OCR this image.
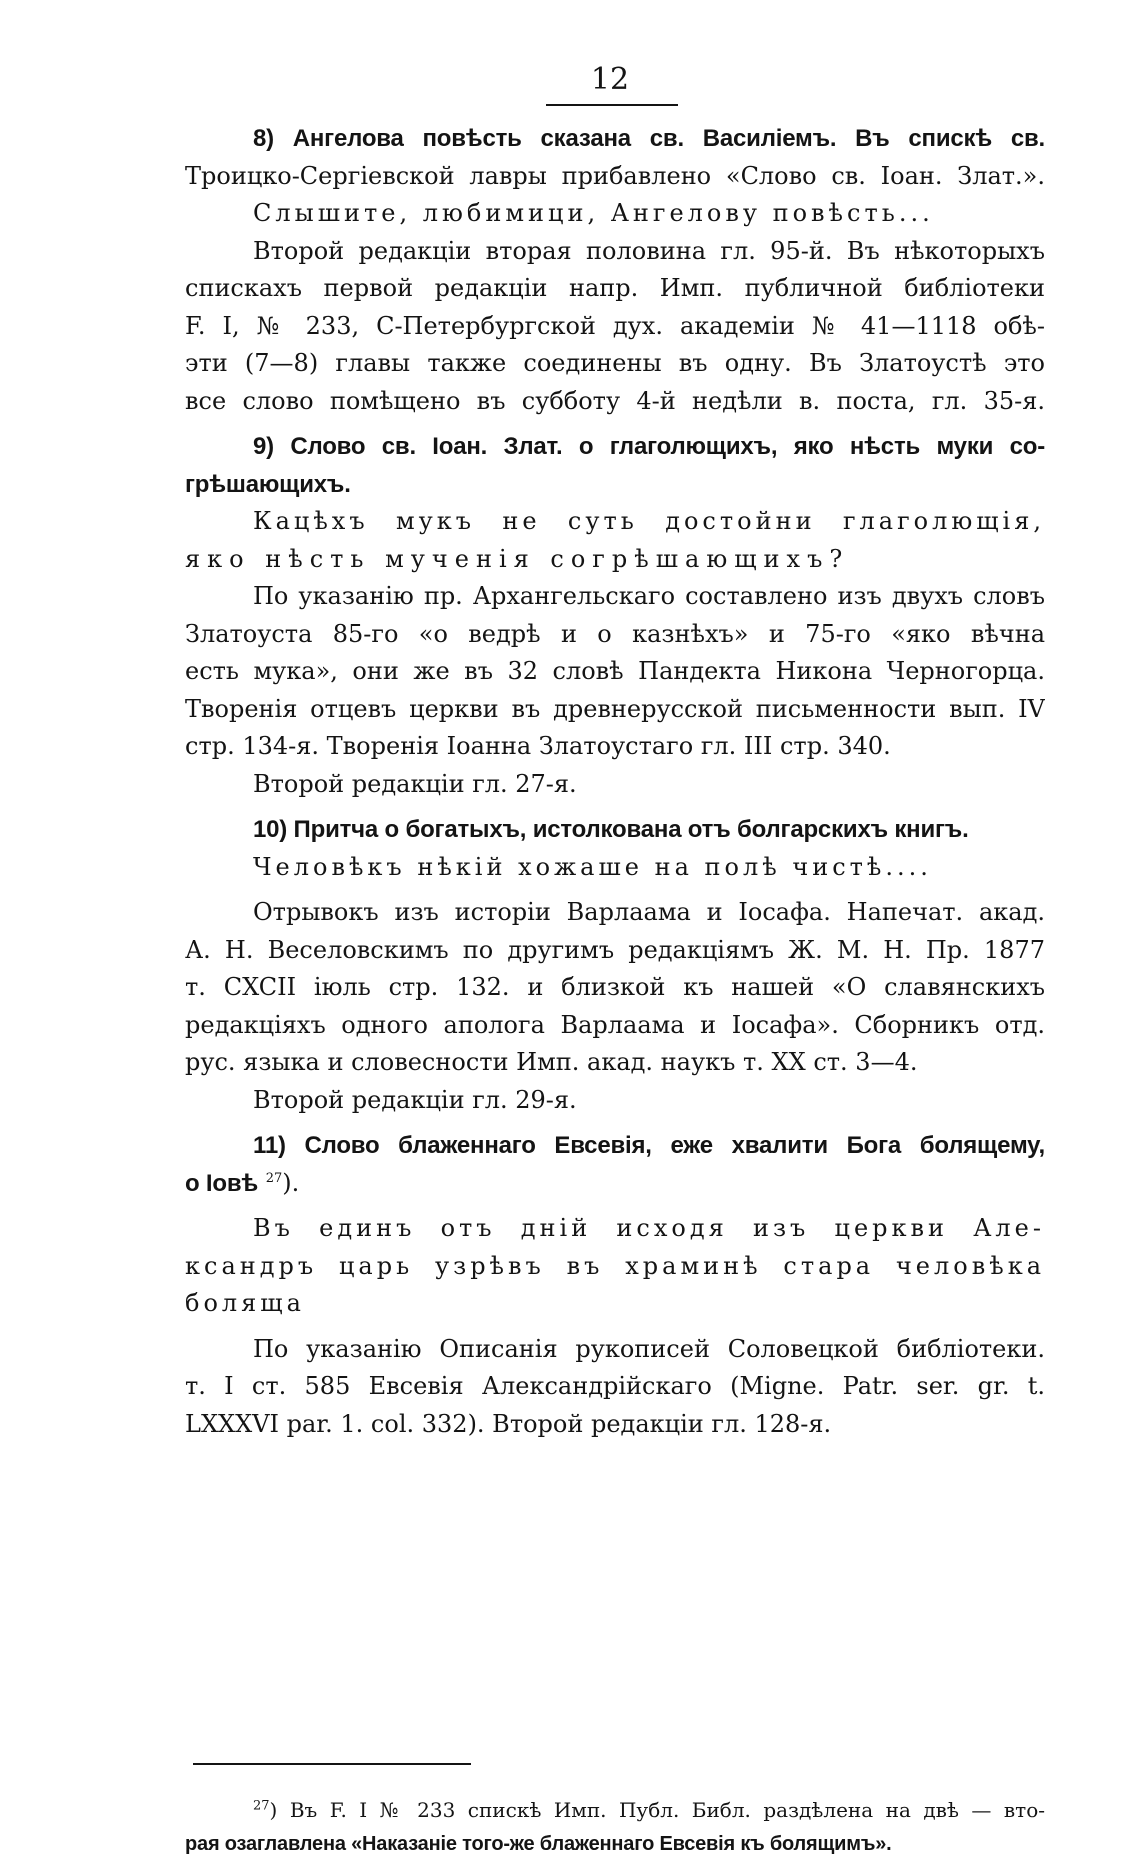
12
8) Ангелова повѣсть сказана св. Василіемъ. Въ спискѣ св.
Троицко-Сергіевской лавры прибавлено «Слово св. Іоан. Злат.».
Слышите, любимици, Ангелову повѣсть...
Второй редакціи вторая половина гл. 95-й. Въ нѣкоторыхъ
спискахъ первой редакціи напр. Имп. публичной библіотеки
F. I, № 233, С-Петербургской дух. академіи № 41—1118 обѣ-
эти (7—8) главы также соединены въ одну. Въ Златоустѣ это
все слово помѣщено въ субботу 4-й недѣли в. поста, гл. 35-я.
9) Слово св. Іоан. Злат. о глаголющихъ, яко нѣсть муки со-
грѣшающихъ.
Кацѣхъ мукъ не суть достойни глаголющія,
яко нѣсть мученія согрѣшающихъ?
По указанію пр. Архангельскаго составлено изъ двухъ словъ
Златоуста 85-го «о ведрѣ и о казнѣхъ» и 75-го «яко вѣчна
есть мука», они же въ 32 словѣ Пандекта Никона Черногорца.
Творенія отцевъ церкви въ древнерусской письменности вып. IV
стр. 134-я. Творенія Іоанна Златоустаго гл. III стр. 340.
Второй редакціи гл. 27-я.
10) Притча о богатыхъ, истолкована отъ болгарскихъ книгъ.
Человѣкъ нѣкій хожаше на полѣ чистѣ....
Отрывокъ изъ исторіи Варлаама и Іосафа. Напечат. акад.
А. Н. Веселовскимъ по другимъ редакціямъ Ж. М. Н. Пр. 1877
т. CXCII іюль стр. 132. и близкой къ нашей «О славянскихъ
редакціяхъ одного аполога Варлаама и Іосафа». Сборникъ отд.
рус. языка и словесности Имп. акад. наукъ т. XX ст. 3—4.
Второй редакціи гл. 29-я.
11) Слово блаженнаго Евсевія, еже хвалити Бога болящему,
о Іовѣ $^{27}$).
Въ единъ отъ дній исходя изъ церкви Але-
ксандръ царь узрѣвъ въ храминѣ стара человѣка
боляща
По указанію Описанія рукописей Соловецкой библіотеки.
т. I ст. 585 Евсевія Александрійскаго (Migne. Patr. ser. gr. t.
LXXXVI par. 1. col. 332). Второй редакціи гл. 128-я.
$^{27}$) Въ F. I № 233 спискѣ Имп. Публ. Библ. раздѣлена на двѣ — вто-
рая озаглавлена «Наказаніе того-же блаженнаго Евсевія къ болящимъ».
